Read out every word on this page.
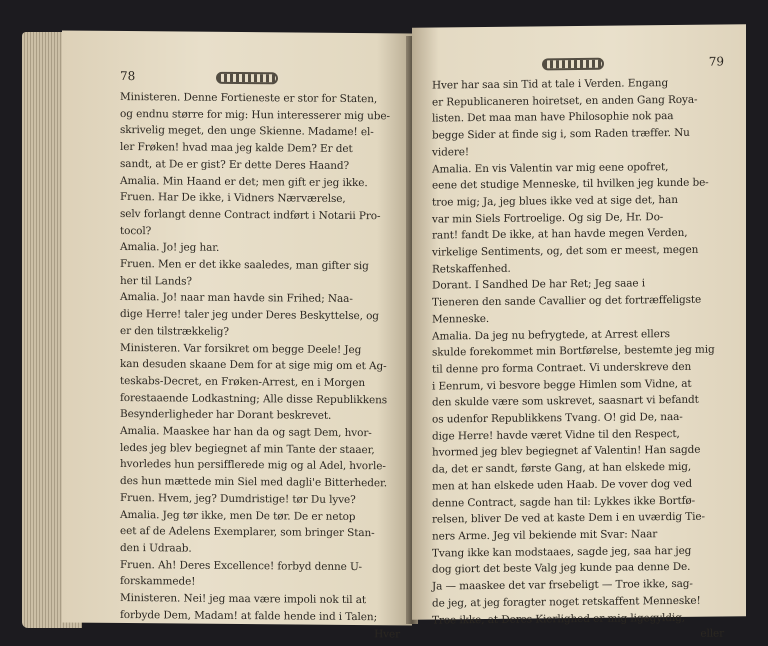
78
Ministeren. Denne Fortieneste er stor for Staten,
og endnu større for mig: Hun interesserer mig ube-
skrivelig meget, den unge Skienne. Madame! el-
ler Frøken! hvad maa jeg kalde Dem? Er det
sandt, at De er gist? Er dette Deres Haand?
Amalia. Min Haand er det; men gift er jeg ikke.
Fruen. Har De ikke, i Vidners Nærværelse,
selv forlangt denne Contract indført i Notarii Pro-
tocol?
Amalia. Jo! jeg har.
Fruen. Men er det ikke saaledes, man gifter sig
her til Lands?
Amalia. Jo! naar man havde sin Frihed; Naa-
dige Herre! taler jeg under Deres Beskyttelse, og
er den tilstrækkelig?
Ministeren. Var forsikret om begge Deele! Jeg
kan desuden skaane Dem for at sige mig om et Ag-
teskabs-Decret, en Frøken-Arrest, en i Morgen
forestaaende Lodkastning; Alle disse Republikkens
Besynderligheder har Dorant beskrevet.
Amalia. Maaskee har han da og sagt Dem, hvor-
ledes jeg blev begiegnet af min Tante der staaer,
hvorledes hun persifflerede mig og al Adel, hvorle-
des hun mættede min Siel med dagli'e Bitterheder.
Fruen. Hvem, jeg? Dumdristige! tør Du lyve?
Amalia. Jeg tør ikke, men De tør. De er netop
eet af de Adelens Exemplarer, som bringer Stan-
den i Udraab.
Fruen. Ah! Deres Excellence! forbyd denne U-
forskammede!
Ministeren. Nei! jeg maa være impoli nok til at
forbyde Dem, Madam! at falde hende ind i Talen;
Hver
79
Hver har saa sin Tid at tale i Verden. Engang
er Republicaneren hoiretset, en anden Gang Roya-
listen. Det maa man have Philosophie nok paa
begge Sider at finde sig i, som Raden træffer. Nu
videre!
Amalia. En vis Valentin var mig eene opofret,
eene det studige Menneske, til hvilken jeg kunde be-
troe mig; Ja, jeg blues ikke ved at sige det, han
var min Siels Fortroelige. Og sig De, Hr. Do-
rant! fandt De ikke, at han havde megen Verden,
virkelige Sentiments, og, det som er meest, megen
Retskaffenhed.
Dorant. I Sandhed De har Ret; Jeg saae i
Tieneren den sande Cavallier og det fortræffeligste
Menneske.
Amalia. Da jeg nu befrygtede, at Arrest ellers
skulde forekommet min Bortførelse, bestemte jeg mig
til denne pro forma Contraet. Vi underskreve den
i Eenrum, vi besvore begge Himlen som Vidne, at
den skulde være som uskrevet, saasnart vi befandt
os udenfor Republikkens Tvang. O! gid De, naa-
dige Herre! havde været Vidne til den Respect,
hvormed jeg blev begiegnet af Valentin! Han sagde
da, det er sandt, første Gang, at han elskede mig,
men at han elskede uden Haab. De vover dog ved
denne Contract, sagde han til: Lykkes ikke Bortfø-
relsen, bliver De ved at kaste Dem i en uværdig Tie-
ners Arme. Jeg vil bekiende mit Svar: Naar
Tvang ikke kan modstaaes, sagde jeg, saa har jeg
dog giort det beste Valg jeg kunde paa denne De.
Ja — maaskee det var frsebeligt — Troe ikke, sag-
de jeg, at jeg foragter noget retskaffent Menneske!
Troe ikke, at Deres Kierlighed er mig ligegyldig,
eller
